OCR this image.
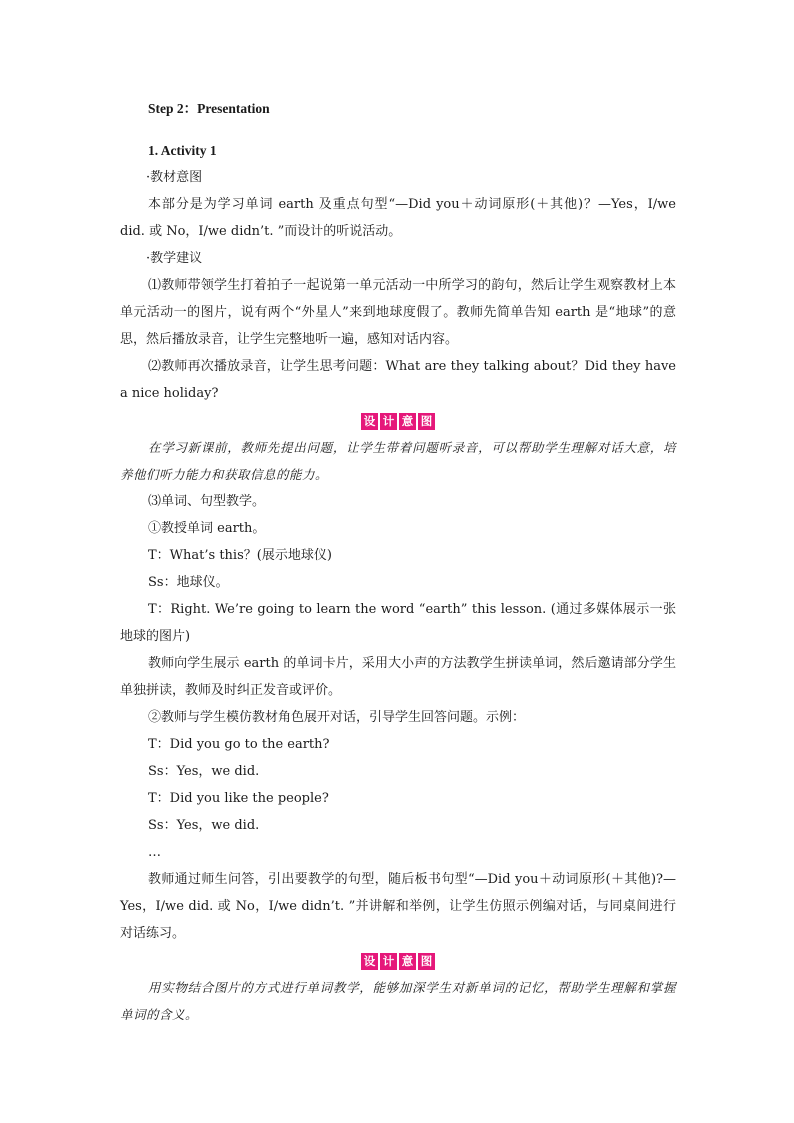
Step 2：Presentation
1. Activity 1
·教材意图

本部分是为学习单词 earth 及重点句型“—Did you＋动词原形(＋其他)？—Yes，I/we did. 或 No，I/we didn’t. ”而设计的听说活动。

·教学建议

⑴教师带领学生打着拍子一起说第一单元活动一中所学习的韵句，然后让学生观察教材上本单元活动一的图片，说有两个“外星人”来到地球度假了。教师先简单告知 earth 是“地球”的意思，然后播放录音，让学生完整地听一遍，感知对话内容。

⑵教师再次播放录音，让学生思考问题：What are they talking about？Did they have a nice holiday?

设 计 意 图

在学习新课前，教师先提出问题，让学生带着问题听录音，可以帮助学生理解对话大意，培养他们听力能力和获取信息的能力。

⑶单词、句型教学。

①教授单词 earth。

T：What’s this？(展示地球仪)
Ss：地球仪。

T：Right. We’re going to learn the word “earth” this lesson. (通过多媒体展示一张地球的图片)

教师向学生展示 earth 的单词卡片，采用大小声的方法教学生拼读单词，然后邀请部分学生单独拼读，教师及时纠正发音或评价。

②教师与学生模仿教材角色展开对话，引导学生回答问题。示例：

T：Did you go to the earth?
Ss：Yes，we did.
T：Did you like the people?
Ss：Yes，we did.
…

教师通过师生问答，引出要教学的句型，随后板书句型“—Did you＋动词原形(＋其他)?—Yes，I/we did. 或 No，I/we didn’t. ”并讲解和举例，让学生仿照示例编对话，与同桌间进行对话练习。

设 计 意 图

用实物结合图片的方式进行单词教学，能够加深学生对新单词的记忆，帮助学生理解和掌握单词的含义。
